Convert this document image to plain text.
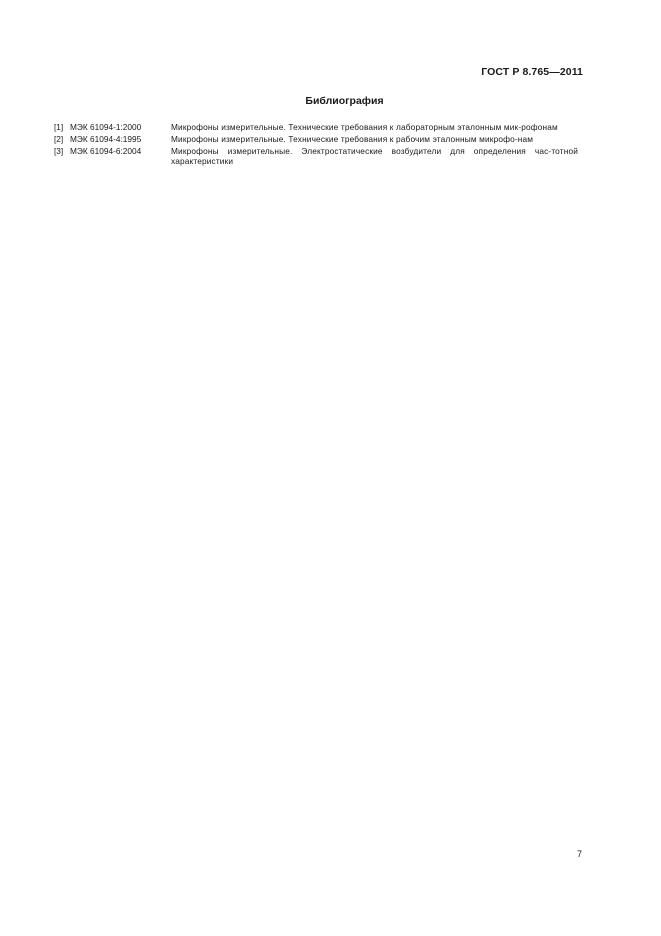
ГОСТ Р 8.765—2011
Библиография
[1] МЭК 61094-1:2000	Микрофоны измерительные. Технические требования к лабораторным эталонным мик-рофонам
[2] МЭК 61094-4:1995	Микрофоны измерительные. Технические требования к рабочим эталонным микрофо-нам
[3] МЭК 61094-6:2004	Микрофоны измерительные. Электростатические возбудители для определения час-тотной характеристики
7
